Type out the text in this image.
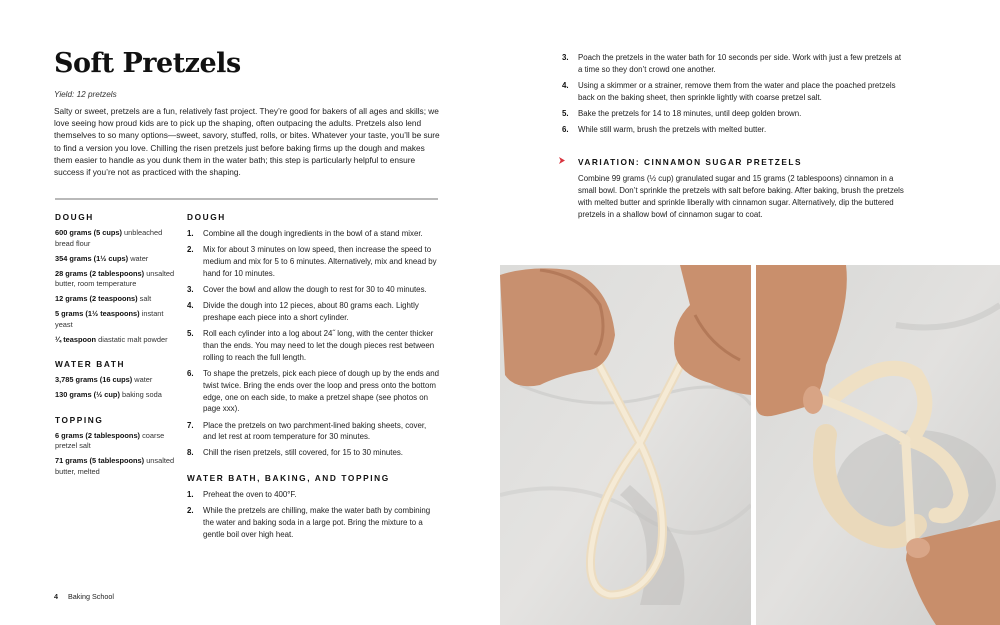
Soft Pretzels
Yield: 12 pretzels

Salty or sweet, pretzels are a fun, relatively fast project. They’re good for bakers of all ages and skills; we love seeing how proud kids are to pick up the shaping, often outpacing the adults. Pretzels also lend themselves to so many options—sweet, savory, stuffed, rolls, or bites. Whatever your taste, you’ll be sure to find a version you love. Chilling the risen pretzels just before baking firms up the dough and makes them easier to handle as you dunk them in the water bath; this step is particularly helpful to ensure success if you’re not as practiced with the shaping.

DOUGH

600 grams (5 cups) unbleached bread flour

354 grams (1½ cups) water

28 grams (2 tablespoons) unsalted butter, room temperature

12 grams (2 teaspoons) salt

5 grams (1½ teaspoons) instant yeast

¼ teaspoon diastatic malt powder

WATER BATH

3,785 grams (16 cups) water

130 grams (½ cup) baking soda

TOPPING

6 grams (2 tablespoons) coarse pretzel salt

71 grams (5 tablespoons) unsalted butter, melted

DOUGH
1.	Combine all the dough ingredients in the bowl of a stand mixer.
2.	Mix for about 3 minutes on low speed, then increase the speed to medium and mix for 5 to 6 minutes. Alternatively, mix and knead by hand for 10 minutes.
3.	Cover the bowl and allow the dough to rest for 30 to 40 minutes.
4.	Divide the dough into 12 pieces, about 80 grams each. Lightly preshape each piece into a short cylinder.
5.	Roll each cylinder into a log about 24˝ long, with the center thicker than the ends. You may need to let the dough pieces rest between rolling to reach the full length.
6.	To shape the pretzels, pick each piece of dough up by the ends and twist twice. Bring the ends over the loop and press onto the bottom edge, one on each side, to make a pretzel shape (see photos on page xxx).
7.	Place the pretzels on two parchment-lined baking sheets, cover, and let rest at room temperature for 30 minutes.
8.	Chill the risen pretzels, still covered, for 15 to 30 minutes.
WATER BATH, BAKING, AND TOPPING
1.	Preheat the oven to 400°F.
2.	While the pretzels are chilling, make the water bath by combining the water and baking soda in a large pot. Bring the mixture to a gentle boil over high heat.
3.	Poach the pretzels in the water bath for 10 seconds per side. Work with just a few pretzels at a time so they don’t crowd one another.
4.	Using a skimmer or a strainer, remove them from the water and place the poached pretzels back on the baking sheet, then sprinkle lightly with coarse pretzel salt.
5.	Bake the pretzels for 14 to 18 minutes, until deep golden brown.
6.	While still warm, brush the pretzels with melted butter.
VARIATION: CINNAMON SUGAR PRETZELS

Combine 99 grams (½ cup) granulated sugar and 15 grams (2 tablespoons) cinnamon in a small bowl. Don’t sprinkle the pretzels with salt before baking. After baking, brush the pretzels with melted butter and sprinkle liberally with cinnamon sugar. Alternatively, dip the buttered pretzels in a shallow bowl of cinnamon sugar to coat.

4 Baking School
